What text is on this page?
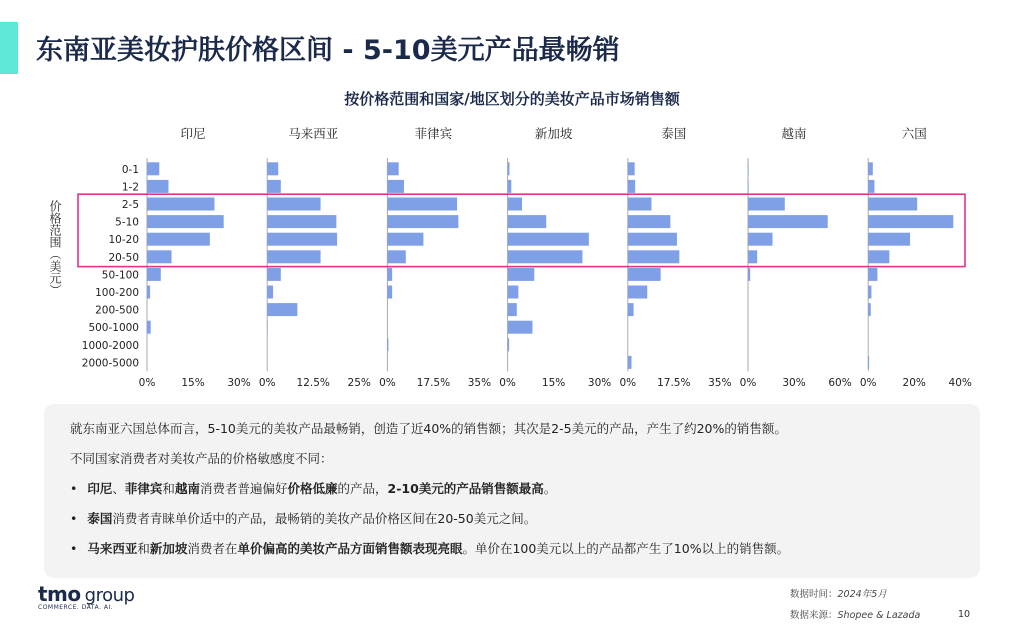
东南亚美妆护肤价格区间 - 5-10美元产品最畅销
按价格范围和国家/地区划分的美妆产品市场销售额
价格范围（美元）
0-1
1-2
2-5
5-10
10-20
20-50
50-100
100-200
200-500
500-1000
1000-2000
2000-5000
印尼
0% 15% 30%
马来西亚
0% 12.5% 25%
菲律宾
0% 17.5% 35%
新加坡
0% 15% 30%
泰国
0% 17.5% 35%
越南
0% 30% 60%
六国
0% 20% 40%

就东南亚六国总体而言，5-10美元的美妆产品最畅销，创造了近40%的销售额；其次是2-5美元的产品，产生了约20%的销售额。

不同国家消费者对美妆产品的价格敏感度不同：

• 印尼、菲律宾和越南消费者普遍偏好价格低廉的产品，2-10美元的产品销售额最高。

• 泰国消费者青睐单价适中的产品，最畅销的美妆产品价格区间在20-50美元之间。

• 马来西亚和新加坡消费者在单价偏高的美妆产品方面销售额表现亮眼。单价在100美元以上的产品都产生了10%以上的销售额。

tmo group
COMMERCE. DATA. AI.
数据时间：2024年5月
数据来源：Shopee & Lazada	10
